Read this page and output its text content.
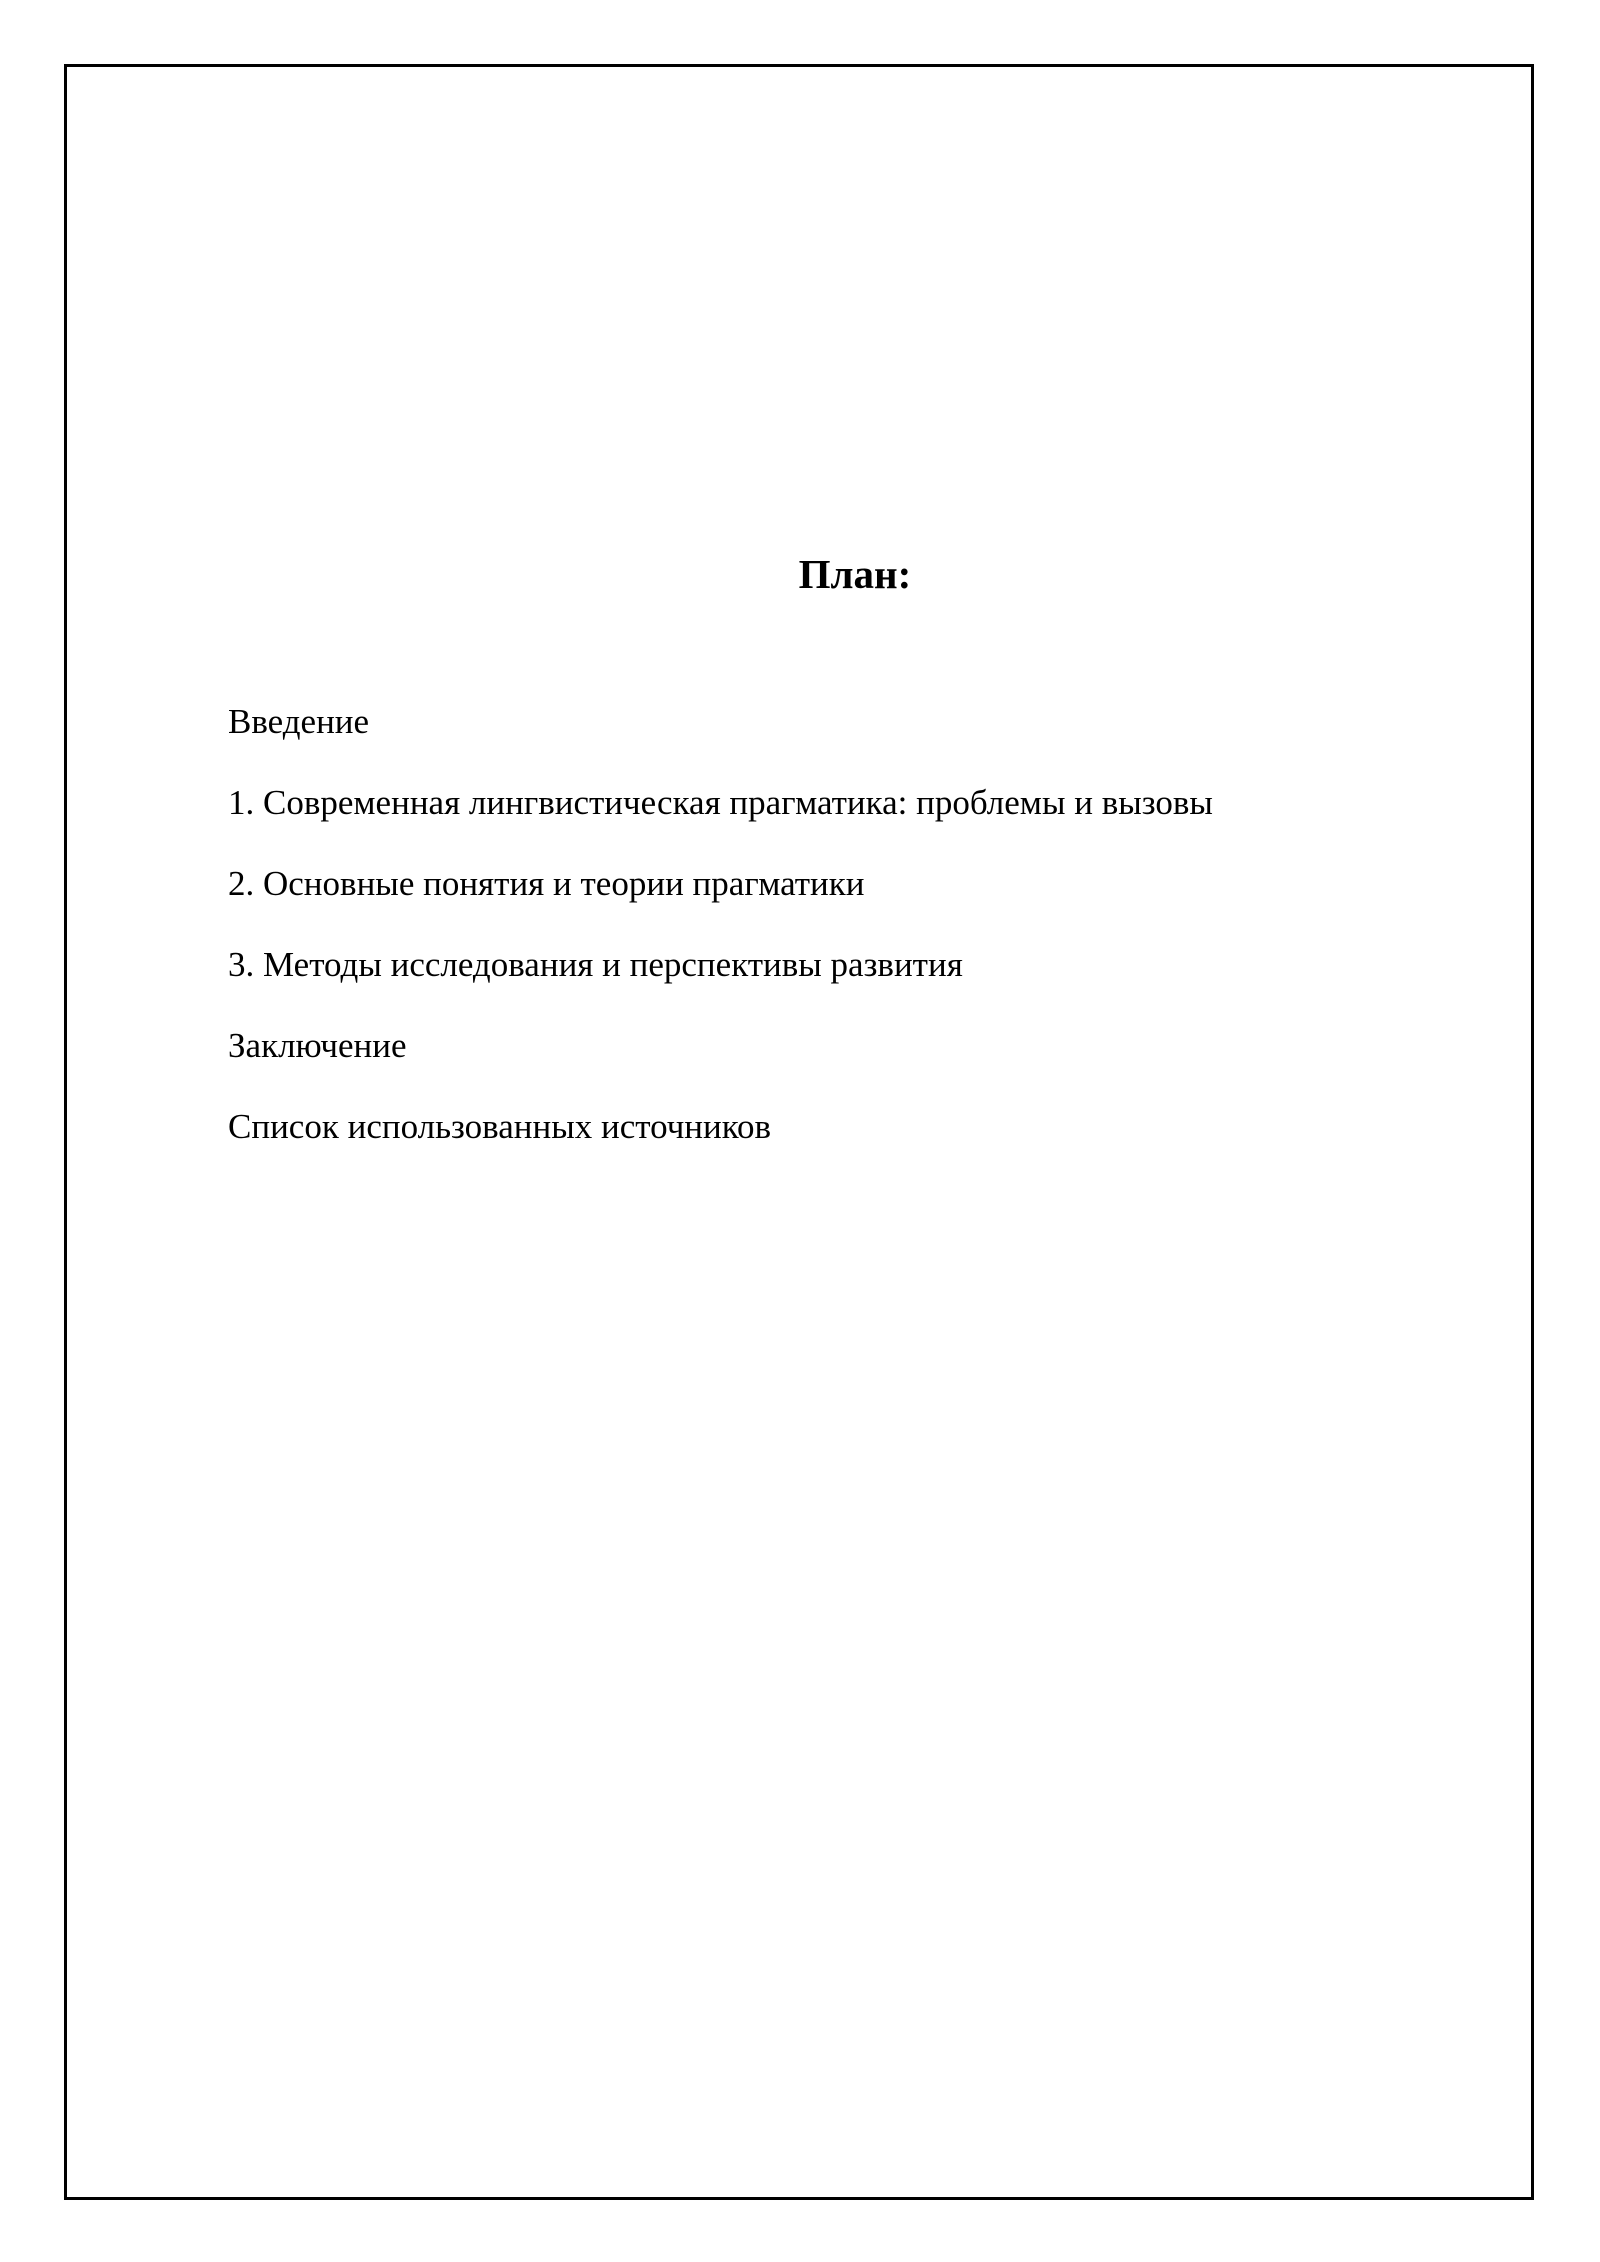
План:
Введение
1. Современная лингвистическая прагматика: проблемы и вызовы
2. Основные понятия и теории прагматики
3. Методы исследования и перспективы развития
Заключение
Список использованных источников
